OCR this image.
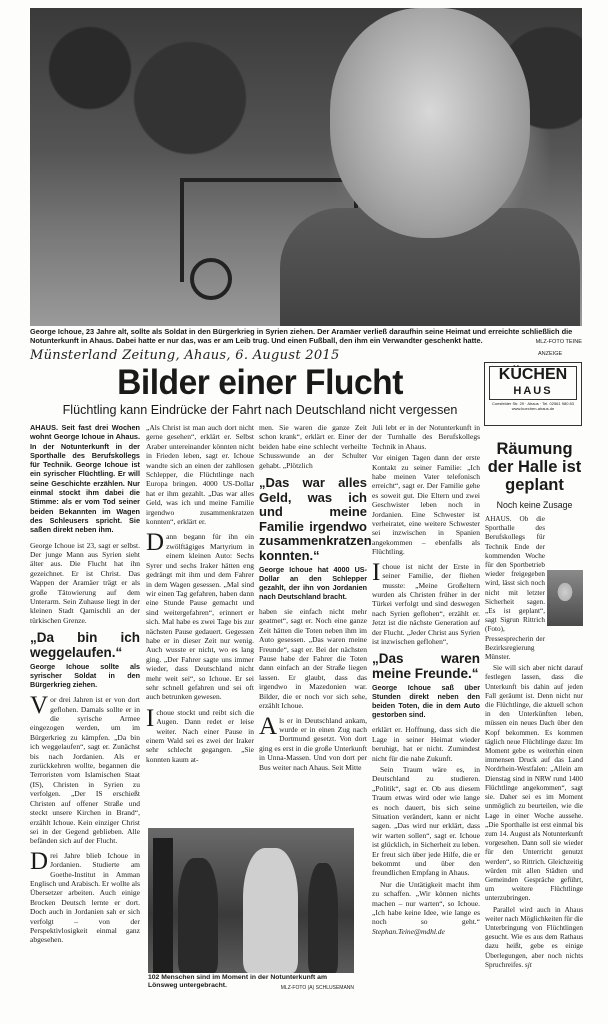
George Ichoue, 23 Jahre alt, sollte als Soldat in den Bürgerkrieg in Syrien ziehen. Der Aramäer verließ daraufhin seine Heimat und erreichte schließlich die Notunterkunft in Ahaus. Dabei hatte er nur das, was er am Leib trug. Und einen Fußball, den ihm ein Verwandter geschenkt hatte.	MLZ-FOTO TEINE
Münsterland Zeitung, Ahaus, 6. August 2015	ANZEIGE
Bilder einer Flucht
Flüchtling kann Eindrücke der Fahrt nach Deutschland nicht vergessen
KÜCHEN
HAUS
Coesfelder Str. 29 · Ahaus · Tel. 02561 980 83
www.kuechen-ahaus.de

AHAUS. Seit fast drei Wochen wohnt George Ichoue in Ahaus. In der Notunterkunft in der Sporthalle des Berufskollegs für Technik. George Ichoue ist ein syrischer Flüchtling. Er will seine Geschichte erzählen. Nur einmal stockt ihm dabei die Stimme: als er vom Tod seiner beiden Bekannten im Wagen des Schleusers spricht. Sie saßen direkt neben ihm.

George Ichoue ist 23, sagt er selbst. Der junge Mann aus Syrien sieht älter aus. Die Flucht hat ihn gezeichnet. Er ist Christ. Das Wappen der Aramäer trägt er als große Tätowierung auf dem Unterarm. Sein Zuhause liegt in der kleinen Stadt Qamischli an der türkischen Grenze.

„Da bin ich weggelaufen.“
George Ichoue sollte als syrischer Soldat in den Bürgerkrieg ziehen.

Vor drei Jahren ist er von dort geflohen. Damals sollte er in die syrische Armee eingezogen werden, um im Bürgerkrieg zu kämpfen. „Da bin ich weggelaufen“, sagt er. Zunächst bis nach Jordanien. Als er zurückkehren wollte, begannen die Terroristen vom Islamischen Staat (IS), Christen in Syrien zu verfolgen. „Der IS erschießt Christen auf offener Straße und steckt unsere Kirchen in Brand“, erzählt Ichoue. Kein einziger Christ sei in der Gegend geblieben. Alle befänden sich auf der Flucht.

Drei Jahre blieb Ichoue in Jordanien. Studierte am Goethe-Institut in Amman Englisch und Arabisch. Er wollte als Übersetzer arbeiten. Auch einige Brocken Deutsch lernte er dort. Doch auch in Jordanien sah er sich verfolgt – von der Perspektivlosigkeit einmal ganz abgesehen.

„Als Christ ist man auch dort nicht gerne gesehen“, erklärt er. Selbst Araber untereinander könnten nicht in Frieden leben, sagt er. Ichoue wandte sich an einen der zahllosen Schlepper, die Flüchtlinge nach Europa bringen. 4000 US-Dollar hat er ihm gezahlt. „Das war alles Geld, was ich und meine Familie irgendwo zusammenkratzen konnten“, erklärt er.

Dann begann für ihn ein zwölftägiges Martyrium in einem kleinen Auto: Sechs Syrer und sechs Iraker hätten eng gedrängt mit ihm und dem Fahrer in dem Wagen gesessen. „Mal sind wir einen Tag gefahren, haben dann eine Stunde Pause gemacht und sind weitergefahren“, erinnert er sich. Mal habe es zwei Tage bis zur nächsten Pause gedauert. Gegessen habe er in dieser Zeit nur wenig. Auch wusste er nicht, wo es lang ging. „Der Fahrer sagte uns immer wieder, dass Deutschland nicht mehr weit sei“, so Ichoue. Er sei sehr schnell gefahren und sei oft auch betrunken gewesen.

Ichoue stockt und reibt sich die Augen. Dann redet er leise weiter. Nach einer Pause in einem Wald sei es zwei der Iraker sehr schlecht gegangen. „Sie konnten kaum at-

men. Sie waren die ganze Zeit schon krank“, erklärt er. Einer der beiden habe eine schlecht verheilte Schusswunde an der Schulter gehabt. „Plötzlich

„Das war alles Geld, was ich und meine Familie irgendwo zusammenkratzen konnten.“
George Ichoue hat 4000 US-Dollar an den Schlepper gezahlt, der ihn von Jordanien nach Deutschland bracht.

haben sie einfach nicht mehr geatmet“, sagt er. Noch eine ganze Zeit hätten die Toten neben ihm im Auto gesessen. „Das waren meine Freunde“, sagt er. Bei der nächsten Pause habe der Fahrer die Toten dann einfach an der Straße liegen lassen. Er glaubt, dass das irgendwo in Mazedonien war. Bilder, die er noch vor sich sehe, erzählt Ichoue.

Als er in Deutschland ankam, wurde er in einen Zug nach Dortmund gesetzt. Von dort ging es erst in die große Unterkunft in Unna-Massen. Und von dort per Bus weiter nach Ahaus. Seit Mitte

102 Menschen sind im Moment in der Notunterkunft am Lönsweg untergebracht.	MLZ-FOTO (A) SCHLUSEMANN

Juli lebt er in der Notunterkunft in der Turnhalle des Berufskollegs Technik in Ahaus.

Vor einigen Tagen dann der erste Kontakt zu seiner Familie: „Ich habe meinen Vater telefonisch erreicht“, sagt er. Der Familie gehe es soweit gut. Die Eltern und zwei Geschwister leben noch in Jordanien. Eine Schwester ist verheiratet, eine weitere Schwester sei inzwischen in Spanien angekommen – ebenfalls als Flüchtling.

Ichoue ist nicht der Erste in seiner Familie, der fliehen musste: „Meine Großeltern wurden als Christen früher in der Türkei verfolgt und sind deswegen nach Syrien geflohen“, erzählt er. Jetzt ist die nächste Generation auf der Flucht. „Jeder Christ aus Syrien ist inzwischen geflohen“,

„Das waren meine Freunde.“
George Ichoue saß über Stunden direkt neben den beiden Toten, die in dem Auto gestorben sind.

erklärt er. Hoffnung, dass sich die Lage in seiner Heimat wieder beruhigt, hat er nicht. Zumindest nicht für die nahe Zukunft.

Sein Traum wäre es, in Deutschland zu studieren. „Politik“, sagt er. Ob aus diesem Traum etwas wird oder wie lange es noch dauert, bis sich seine Situation verändert, kann er nicht sagen. „Das wird nur erklärt, dass wir warten sollen“, sagt er. Ichoue ist glücklich, in Sicherheit zu leben. Er freut sich über jede Hilfe, die er bekommt und über den freundlichen Empfang in Ahaus.

Nur die Untätigkeit macht ihm zu schaffen. „Wir können nichts machen – nur warten“, so Ichoue. „Ich habe keine Idee, wie lange es noch so geht.“ Stephan.Teine@mdhl.de

Räumung der Halle ist geplant
Noch keine Zusage

AHAUS. Ob die Sporthalle des Berufskollegs für Technik Ende der kommenden Woche für den Sportbetrieb wieder freigegeben wird, lässt sich noch nicht mit letzter Sicherheit sagen. „Es ist geplant“, sagt Sigrun Rittrich (Foto), Pressesprecherin der Bezirksregierung Münster.

Sie will sich aber nicht darauf festlegen lassen, dass die Unterkunft bis dahin auf jeden Fall geräumt ist. Denn nicht nur die Flüchtlinge, die aktuell schon in den Unterkünften leben, müssen ein neues Dach über den Kopf bekommen. Es kommen täglich neue Flüchtlinge dazu: Im Moment gebe es weiterhin einen immensen Druck auf das Land Nordrhein-Westfalen: „Allein am Dienstag sind in NRW rund 1400 Flüchtlinge angekommen“, sagt sie. Daher sei es im Moment unmöglich zu beurteilen, wie die Lage in einer Woche aussehe. „Die Sporthalle ist erst einmal bis zum 14. August als Notunterkunft vorgesehen. Dann soll sie wieder für den Unterricht genutzt werden“, so Rittrich. Gleichzeitig würden mit allen Städten und Gemeinden Gespräche geführt, um weitere Flüchtlinge unterzubringen.

Parallel wird auch in Ahaus weiter nach Möglichkeiten für die Unterbringung von Flüchtlingen gesucht. Wie es aus dem Rathaus dazu heißt, gebe es einige Überlegungen, aber noch nichts Spruchreifes. sjt
